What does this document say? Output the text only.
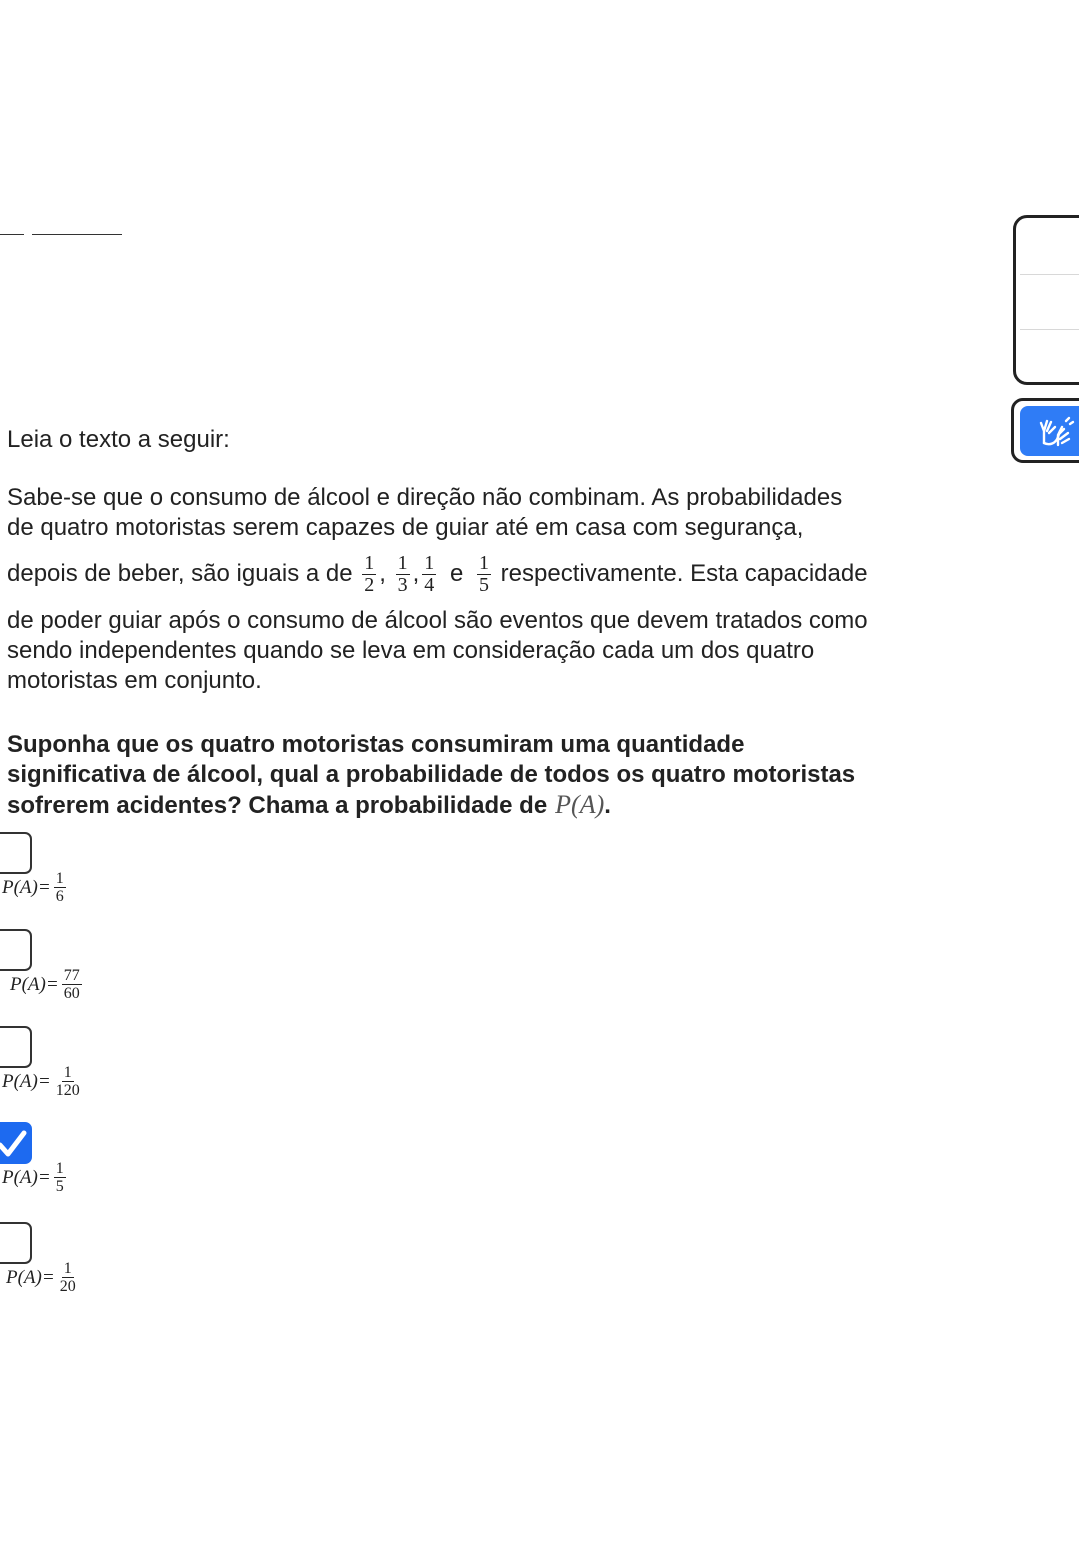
Leia o texto a seguir:

Sabe-se que o consumo de álcool e direção não combinam. As probabilidades

de quatro motoristas serem capazes de guiar até em casa com segurança,

depois de beber, são iguais a de $\frac{1}{2}$ , $\frac{1}{3}$ , $\frac{1}{4}$ e $\frac{1}{5}$ respectivamente. Esta capacidade

de poder guiar após o consumo de álcool são eventos que devem tratados como

sendo independentes quando se leva em consideração cada um dos quatro

motoristas em conjunto.

Suponha que os quatro motoristas consumiram uma quantidade

significativa de álcool, qual a probabilidade de todos os quatro motoristas

sofrerem acidentes? Chama a probabilidade de P(A).

$P(A)= \frac{1}{6}$
$P(A)= \frac{77}{60}$
$P(A)= \frac{1}{120}$
$P(A)= \frac{1}{5}$
$P(A)= \frac{1}{20}$
